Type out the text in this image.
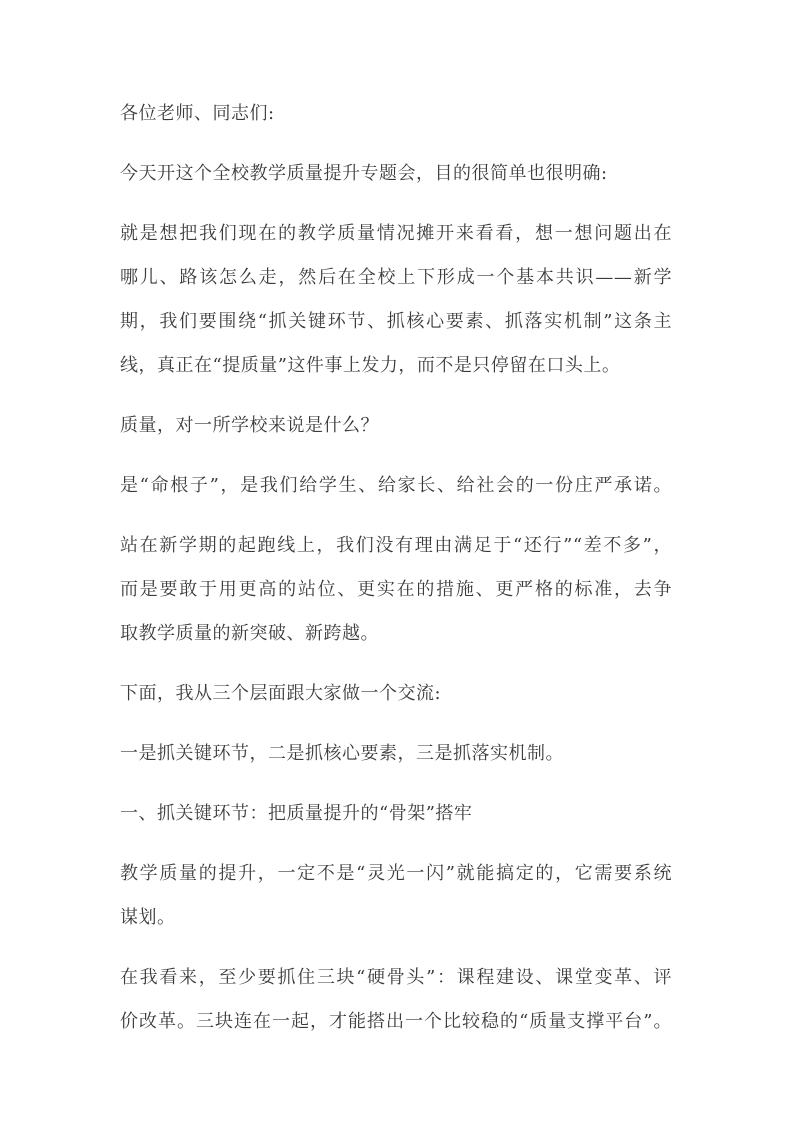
各位老师、同志们:

今天开这个全校教学质量提升专题会，目的很简单也很明确:

就是想把我们现在的教学质量情况摊开来看看，想一想问题出在
哪儿、路该怎么走，然后在全校上下形成一个基本共识——新学
期，我们要围绕“抓关键环节、抓核心要素、抓落实机制”这条主
线，真正在“提质量”这件事上发力，而不是只停留在口头上。

质量，对一所学校来说是什么？

是“命根子”，是我们给学生、给家长、给社会的一份庄严承诺。

站在新学期的起跑线上，我们没有理由满足于“还行”“差不多”，
而是要敢于用更高的站位、更实在的措施、更严格的标准，去争
取教学质量的新突破、新跨越。

下面，我从三个层面跟大家做一个交流:

一是抓关键环节，二是抓核心要素，三是抓落实机制。

一、抓关键环节：把质量提升的“骨架”搭牢

教学质量的提升，一定不是“灵光一闪”就能搞定的，它需要系统
谋划。

在我看来，至少要抓住三块“硬骨头”：课程建设、课堂变革、评
价改革。三块连在一起，才能搭出一个比较稳的“质量支撑平台”。
